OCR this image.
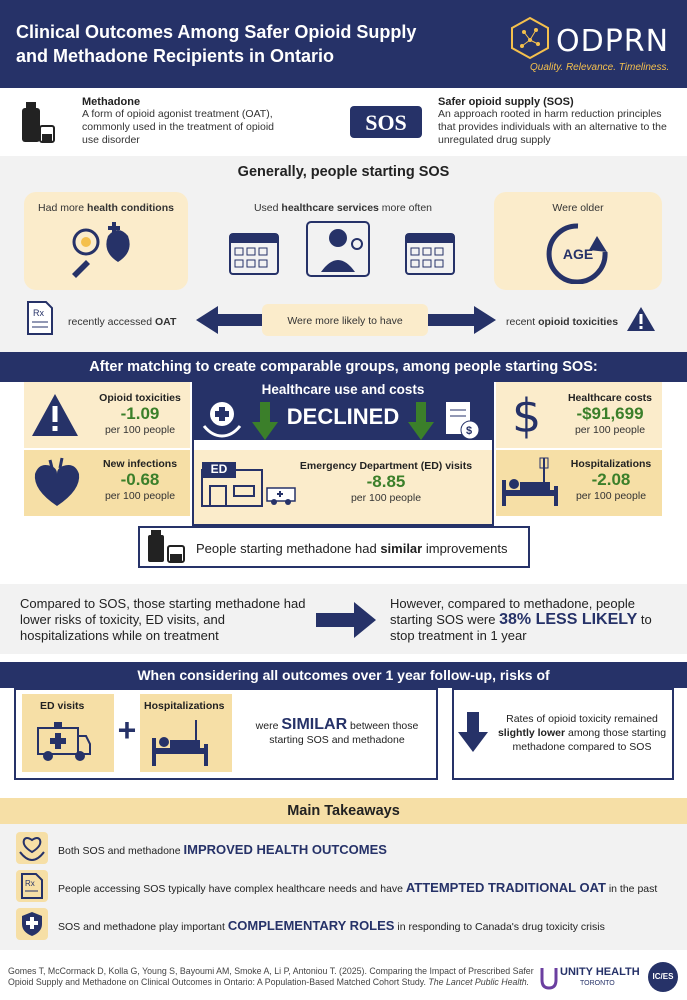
Clinical Outcomes Among Safer Opioid Supply
and Methadone Recipients in Ontario	ODPRN
Quality. Relevance. Timeliness.
Methadone
A form of opioid agonist treatment (OAT), commonly used in the treatment of opioid use disorder
SOS
Safer opioid supply (SOS)
An approach rooted in harm reduction principles that provides individuals with an alternative to the unregulated drug supply
Generally, people starting SOS
Had more health conditions	Used healthcare services more often	Were older
AGE
Rx
recently accessed OAT	Were more likely to have	recent opioid toxicities
After matching to create comparable groups, among people starting SOS:
Healthcare use and costs
DECLINED
$
Opioid toxicities
-1.09
per 100 people
New infections
-0.68
per 100 people
ED	Emergency Department (ED) visits
-8.85
per 100 people
$	Healthcare costs
-$91,699
per 100 people
Hospitalizations
-2.08
per 100 people
People starting methadone had similar improvements
Compared to SOS, those starting methadone had lower risks of toxicity, ED visits, and hospitalizations while on treatment
However, compared to methadone, people starting SOS were 38% LESS LIKELY to stop treatment in 1 year
When considering all outcomes over 1 year follow-up, risks of
ED visits
+
Hospitalizations
were SIMILAR between those starting SOS and methadone
Rates of opioid toxicity remained slightly lower among those starting methadone compared to SOS
Main Takeaways
Both SOS and methadone IMPROVED HEALTH OUTCOMES
Rx People accessing SOS typically have complex healthcare needs and have ATTEMPTED TRADITIONAL OAT in the past
SOS and methadone play important COMPLEMENTARY ROLES in responding to Canada's drug toxicity crisis
Gomes T, McCormack D, Kolla G, Young S, Bayoumi AM, Smoke A, Li P, Antoniou T. (2025). Comparing the Impact of Prescribed Safer Opioid Supply and Methadone on Clinical Outcomes in Ontario: A Population-Based Matched Cohort Study. The Lancet Public Health.
UNITY HEALTH
TORONTO
IC/ES
